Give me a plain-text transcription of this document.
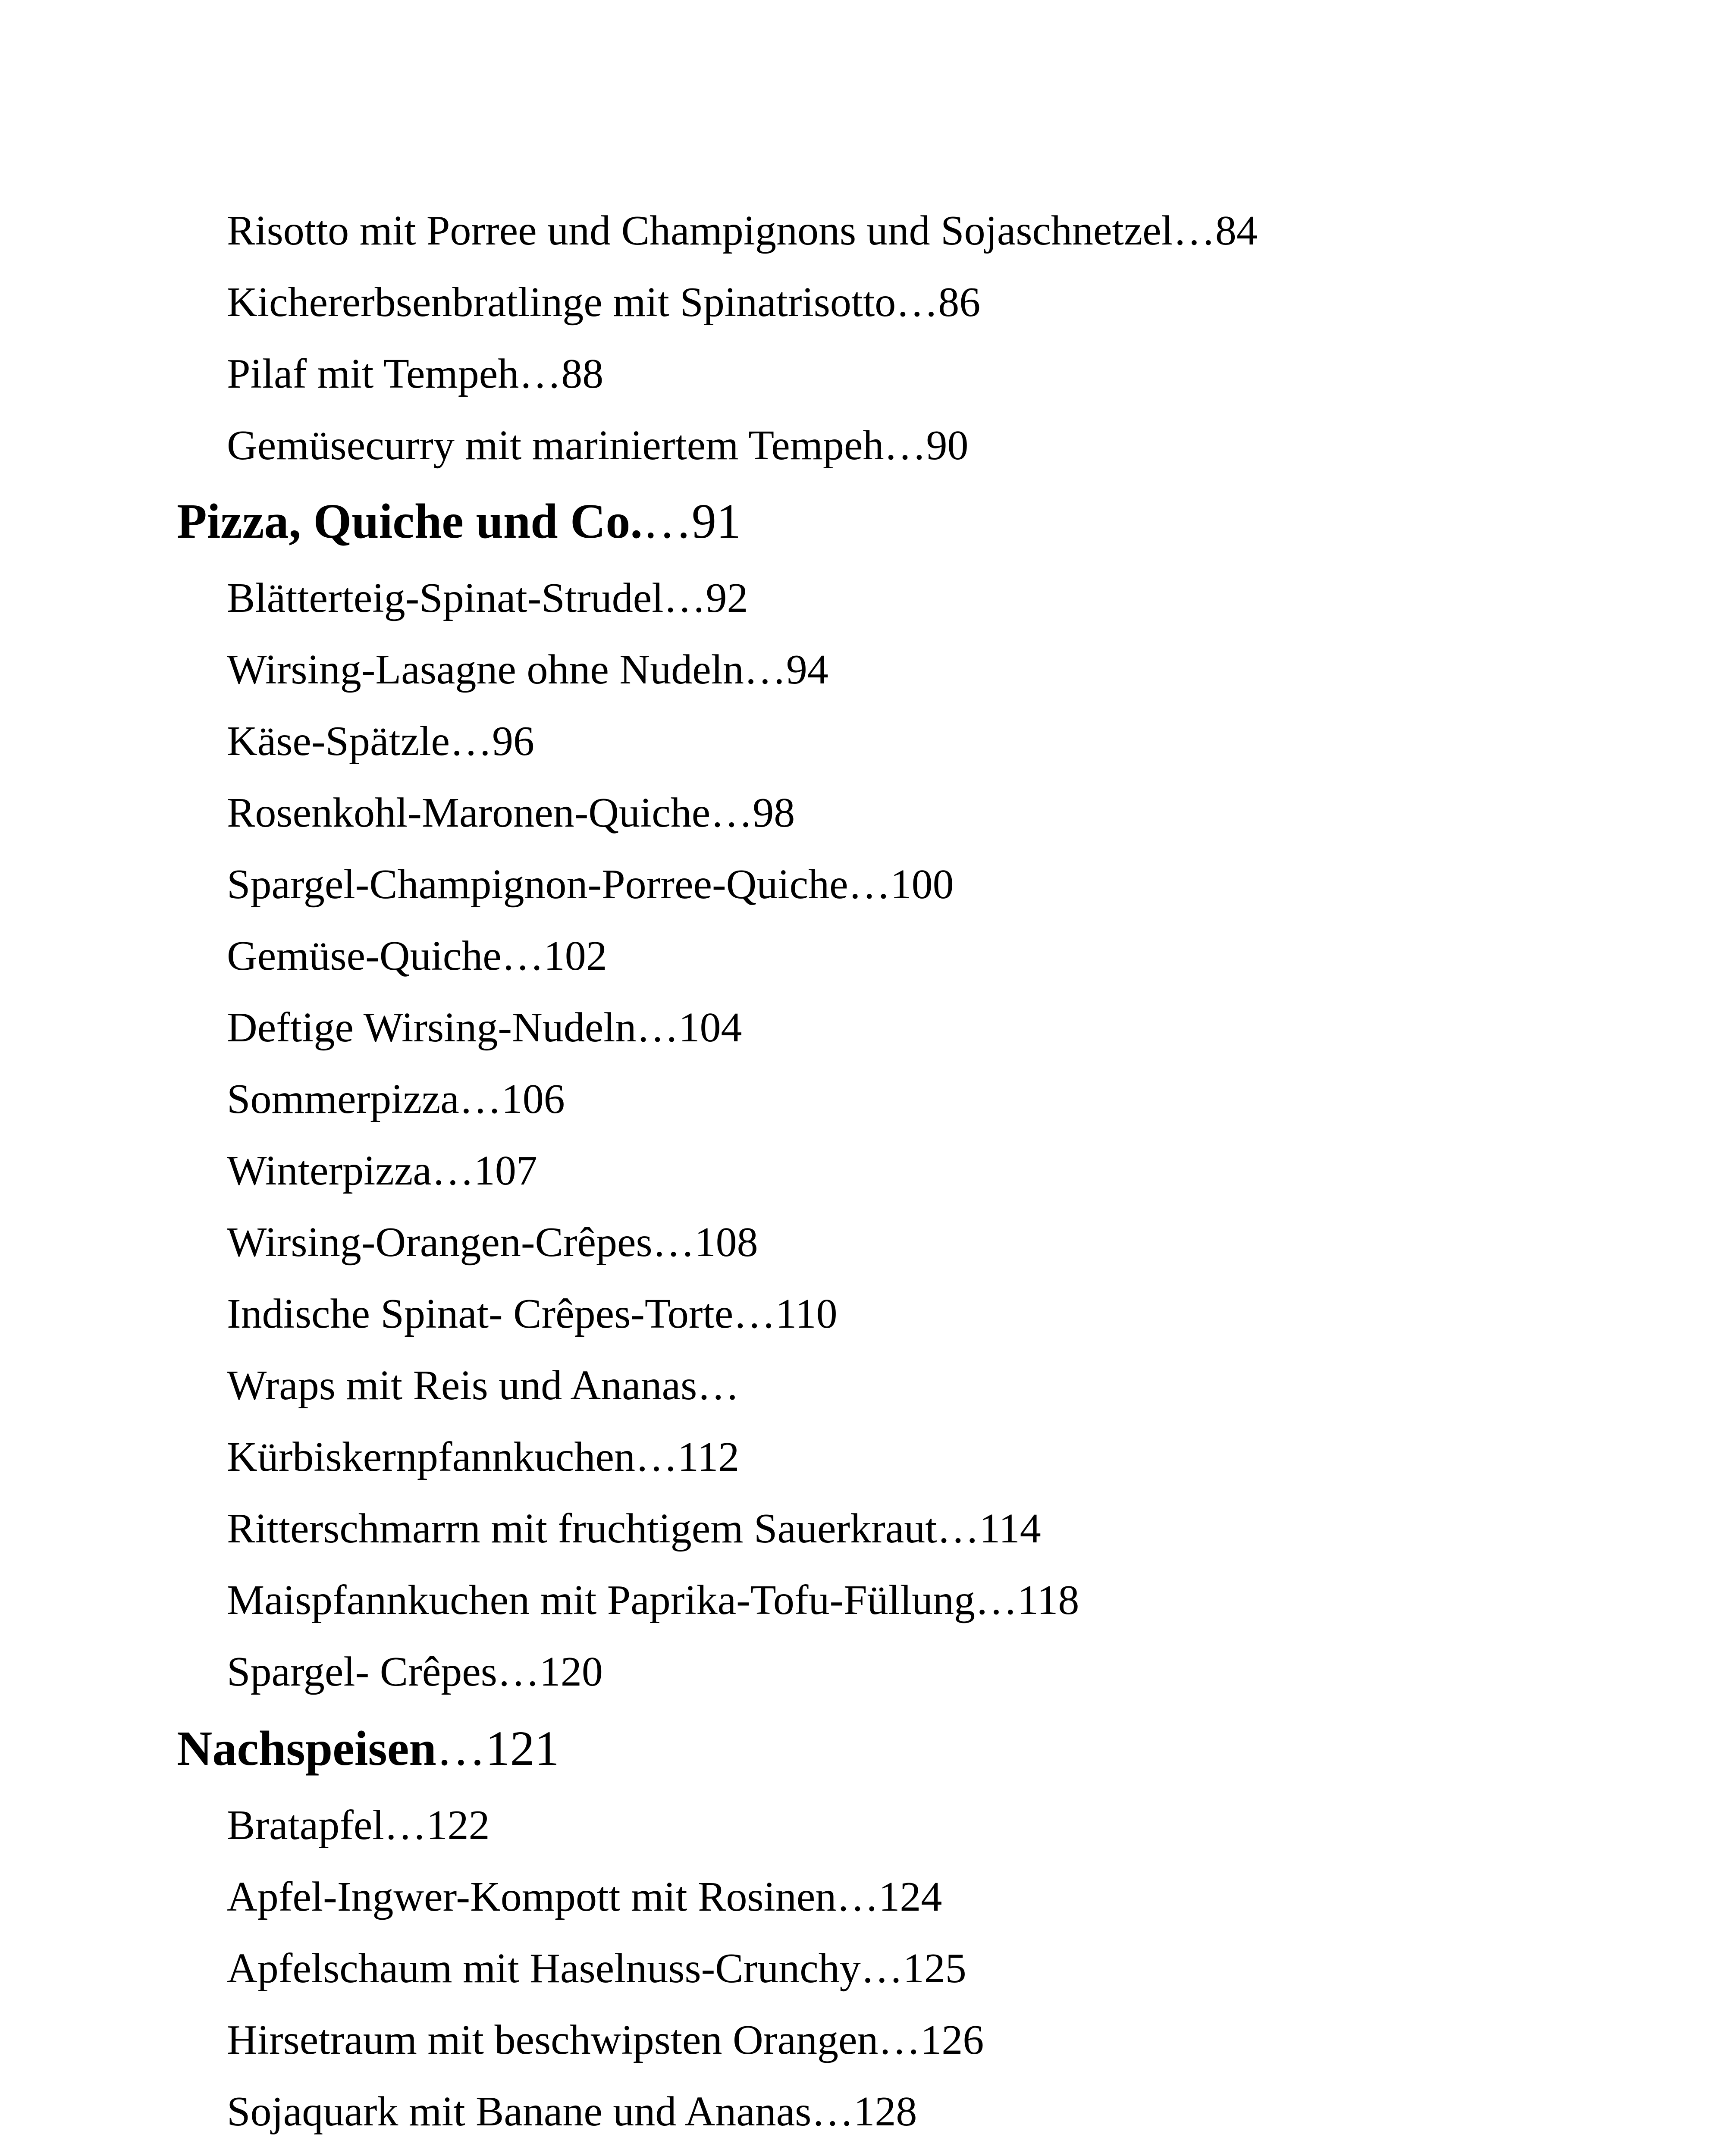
Risotto mit Porree und Champignons und Sojaschnetzel…84
Kichererbsenbratlinge mit Spinatrisotto…86
Pilaf mit Tempeh…88
Gemüsecurry mit mariniertem Tempeh…90
Pizza, Quiche und Co.…91
Blätterteig-Spinat-Strudel…92
Wirsing-Lasagne ohne Nudeln…94
Käse-Spätzle…96
Rosenkohl-Maronen-Quiche…98
Spargel-Champignon-Porree-Quiche…100
Gemüse-Quiche…102
Deftige Wirsing-Nudeln…104
Sommerpizza…106
Winterpizza…107
Wirsing-Orangen-Crêpes…108
Indische Spinat- Crêpes-Torte…110
Wraps mit Reis und Ananas…
Kürbiskernpfannkuchen…112
Ritterschmarrn mit fruchtigem Sauerkraut…114
Maispfannkuchen mit Paprika-Tofu-Füllung…118
Spargel- Crêpes…120
Nachspeisen…121
Bratapfel…122
Apfel-Ingwer-Kompott mit Rosinen…124
Apfelschaum mit Haselnuss-Crunchy…125
Hirsetraum mit beschwipsten Orangen…126
Sojaquark mit Banane und Ananas…128
